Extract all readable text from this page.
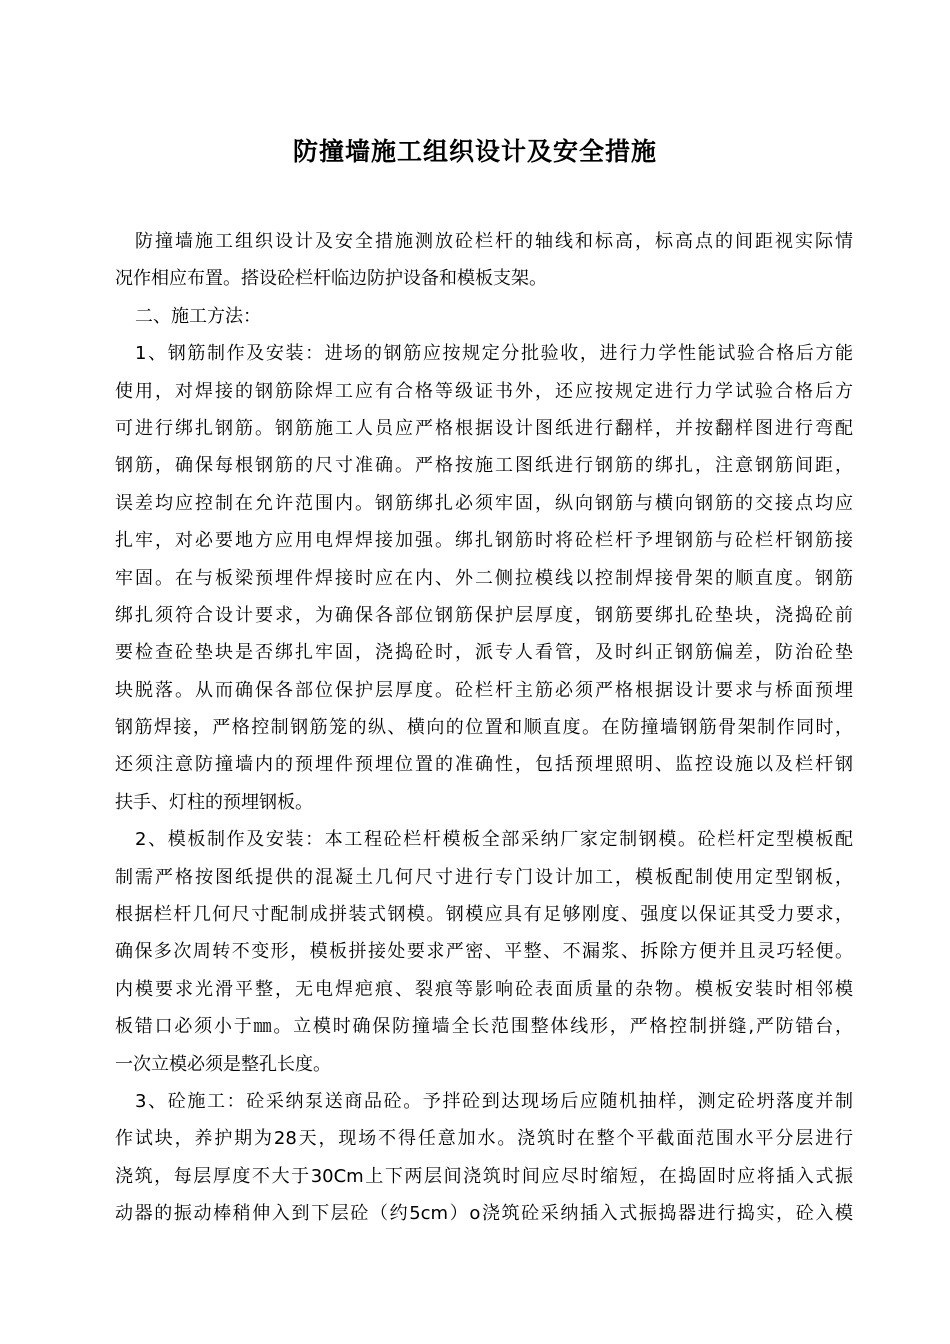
防撞墙施工组织设计及安全措施
防撞墙施工组织设计及安全措施测放砼栏杆的轴线和标高，标高点的间距视实际情
况作相应布置。搭设砼栏杆临边防护设备和模板支架。
二、施工方法：
1、钢筋制作及安装：进场的钢筋应按规定分批验收，进行力学性能试验合格后方能
使用，对焊接的钢筋除焊工应有合格等级证书外，还应按规定进行力学试验合格后方
可进行绑扎钢筋。钢筋施工人员应严格根据设计图纸进行翻样，并按翻样图进行弯配
钢筋，确保每根钢筋的尺寸准确。严格按施工图纸进行钢筋的绑扎，注意钢筋间距，
误差均应控制在允许范围内。钢筋绑扎必须牢固，纵向钢筋与横向钢筋的交接点均应
扎牢，对必要地方应用电焊焊接加强。绑扎钢筋时将砼栏杆予埋钢筋与砼栏杆钢筋接
牢固。在与板梁预埋件焊接时应在内、外二侧拉模线以控制焊接骨架的顺直度。钢筋
绑扎须符合设计要求，为确保各部位钢筋保护层厚度，钢筋要绑扎砼垫块，浇捣砼前
要检查砼垫块是否绑扎牢固，浇捣砼时，派专人看管，及时纠正钢筋偏差，防治砼垫
块脱落。从而确保各部位保护层厚度。砼栏杆主筋必须严格根据设计要求与桥面预埋
钢筋焊接，严格控制钢筋笼的纵、横向的位置和顺直度。在防撞墙钢筋骨架制作同时，
还须注意防撞墙内的预埋件预埋位置的准确性，包括预埋照明、监控设施以及栏杆钢
扶手、灯柱的预埋钢板。
2、模板制作及安装：本工程砼栏杆模板全部采纳厂家定制钢模。砼栏杆定型模板配
制需严格按图纸提供的混凝土几何尺寸进行专门设计加工，模板配制使用定型钢板，
根据栏杆几何尺寸配制成拼装式钢模。钢模应具有足够刚度、强度以保证其受力要求，
确保多次周转不变形，模板拼接处要求严密、平整、不漏浆、拆除方便并且灵巧轻便。
内模要求光滑平整，无电焊疤痕、裂痕等影响砼表面质量的杂物。模板安装时相邻模
板错口必须小于㎜。立模时确保防撞墙全长范围整体线形，严格控制拼缝,严防错台，
一次立模必须是整孔长度。
3、砼施工：砼采纳泵送商品砼。予拌砼到达现场后应随机抽样，测定砼坍落度并制
作试块，养护期为28天，现场不得任意加水。浇筑时在整个平截面范围水平分层进行
浇筑，每层厚度不大于30Cm上下两层间浇筑时间应尽时缩短，在捣固时应将插入式振
动器的振动棒稍伸入到下层砼（约5cm）o浇筑砼采纳插入式振捣器进行捣实，砼入模
